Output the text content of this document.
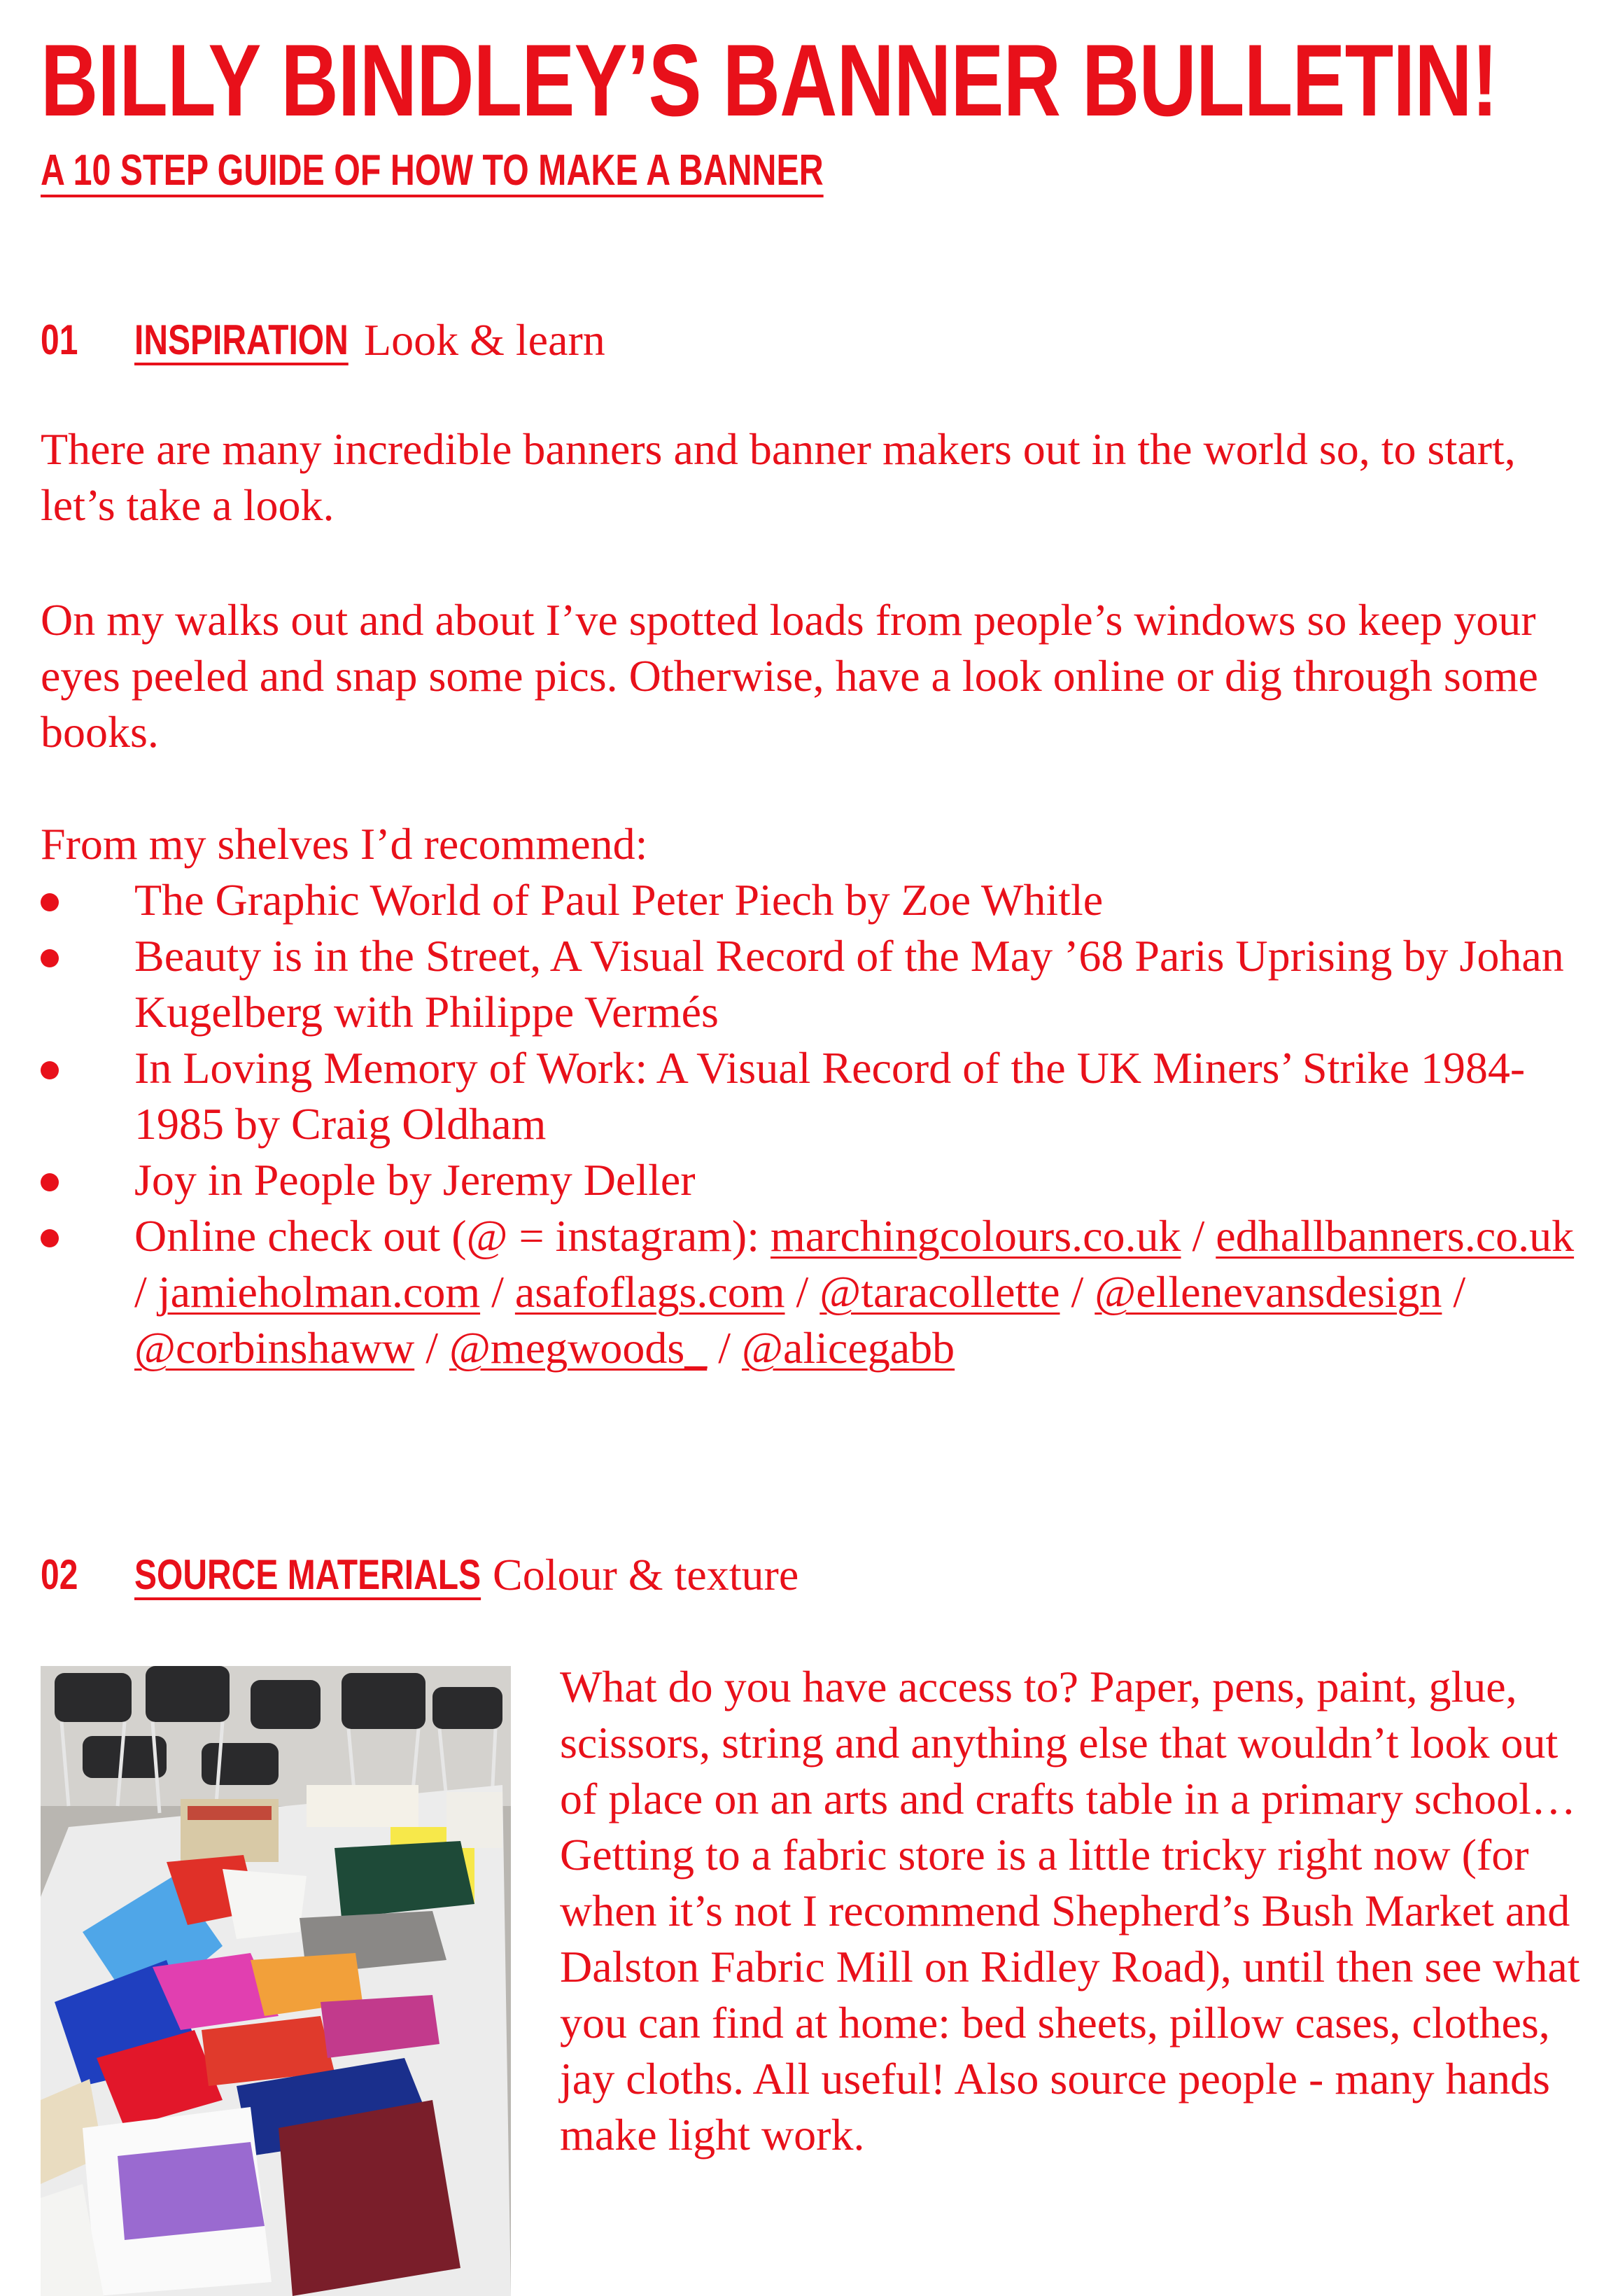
BILLY BINDLEY’S BANNER BULLETIN!
A 10 STEP GUIDE OF HOW TO MAKE A BANNER
01 INSPIRATION Look & learn

There are many incredible banners and banner makers out in the world so, to start, let’s take a look.

On my walks out and about I’ve spotted loads from people’s windows so keep your eyes peeled and snap some pics. Otherwise, have a look online or dig through some books.

From my shelves I’d recommend:

The Graphic World of Paul Peter Piech by Zoe Whitle
Beauty is in the Street, A Visual Record of the May ’68 Paris Uprising by Johan Kugelberg with Philippe Vermés
In Loving Memory of Work: A Visual Record of the UK Miners’ Strike 1984-1985 by Craig Oldham
Joy in People by Jeremy Deller
Online check out (@ = instagram): marchingcolours.co.uk / edhallbanners.co.uk / jamieholman.com / asafoflags.com / @taracollette / @ellenevansdesign / @corbinshaww / @megwoods_ / @alicegabb
02 SOURCE MATERIALS Colour & texture

What do you have access to? Paper, pens, paint, glue, scissors, string and anything else that wouldn’t look out of place on an arts and crafts table in a primary school… Getting to a fabric store is a little tricky right now (for when it’s not I recommend Shepherd’s Bush Market and Dalston Fabric Mill on Ridley Road), until then see what you can find at home: bed sheets, pillow cases, clothes, jay cloths. All useful! Also source people - many hands make light work.
